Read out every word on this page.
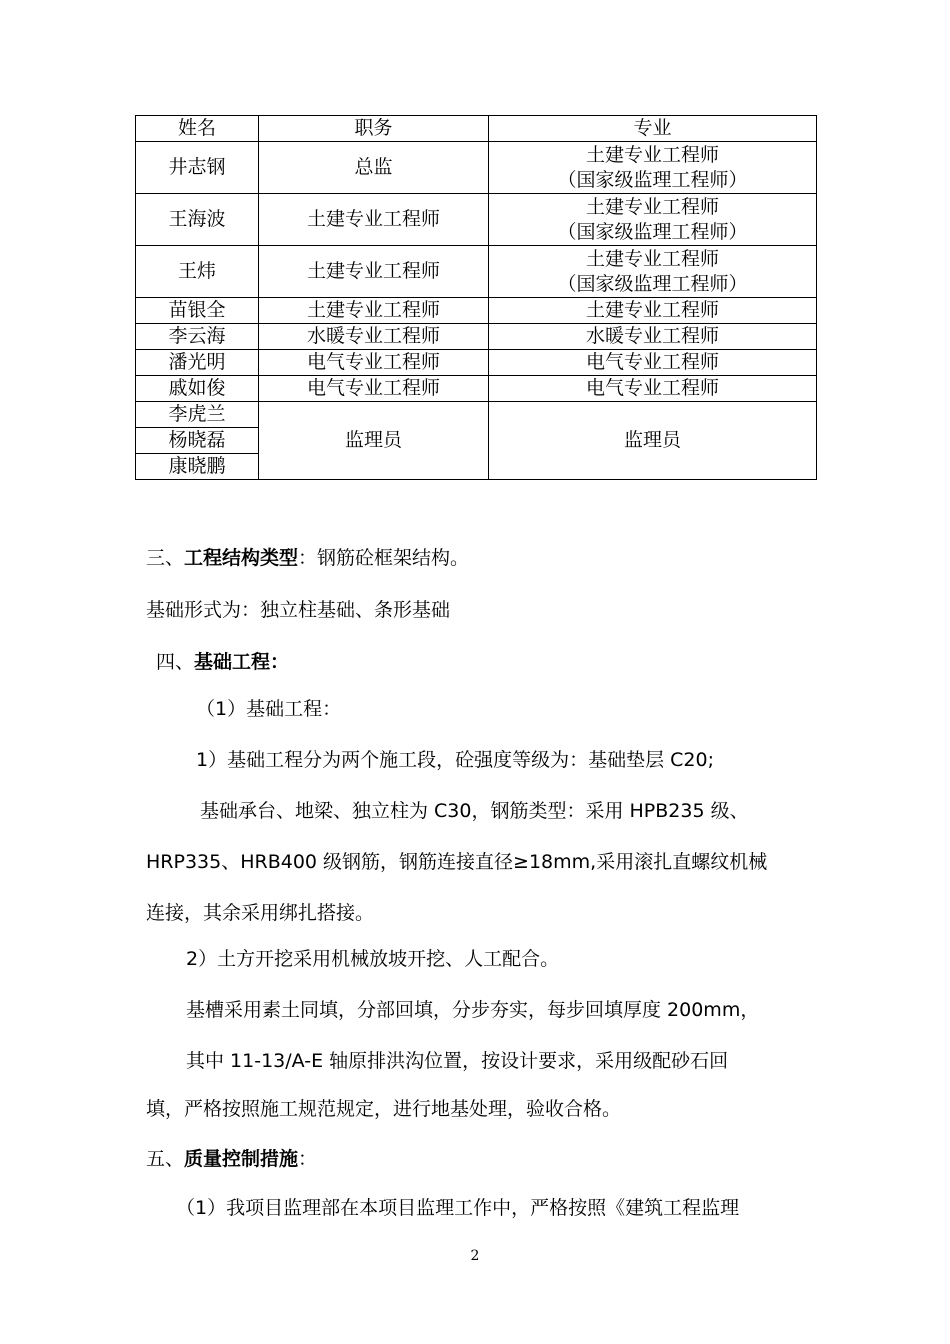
姓名	职务	专业
井志钢	总监	土建专业工程师
（国家级监理工程师）

王海波	土建专业工程师	土建专业工程师
（国家级监理工程师）

王炜	土建专业工程师	土建专业工程师
（国家级监理工程师）

苗银全	土建专业工程师	土建专业工程师
李云海	水暖专业工程师	水暖专业工程师
潘光明	电气专业工程师	电气专业工程师
戚如俊	电气专业工程师	电气专业工程师
李虎兰	监理员	监理员
杨晓磊		
康晓鹏		
三、工程结构类型：钢筋砼框架结构。
基础形式为：独立柱基础、条形基础
四、基础工程：
（1）基础工程：
1）基础工程分为两个施工段，砼强度等级为：基础垫层 C20;
基础承台、地梁、独立柱为 C30，钢筋类型：采用 HPB235 级、
HRP335、HRB400 级钢筋，钢筋连接直径≥18mm,采用滚扎直螺纹机械
连接，其余采用绑扎搭接。
2）土方开挖采用机械放坡开挖、人工配合。
基槽采用素土同填，分部回填，分步夯实，每步回填厚度 200mm，
其中 11-13/A-E 轴原排洪沟位置，按设计要求，采用级配砂石回
填，严格按照施工规范规定，进行地基处理，验收合格。
五、质量控制措施：
（1）我项目监理部在本项目监理工作中，严格按照《建筑工程监理
2
